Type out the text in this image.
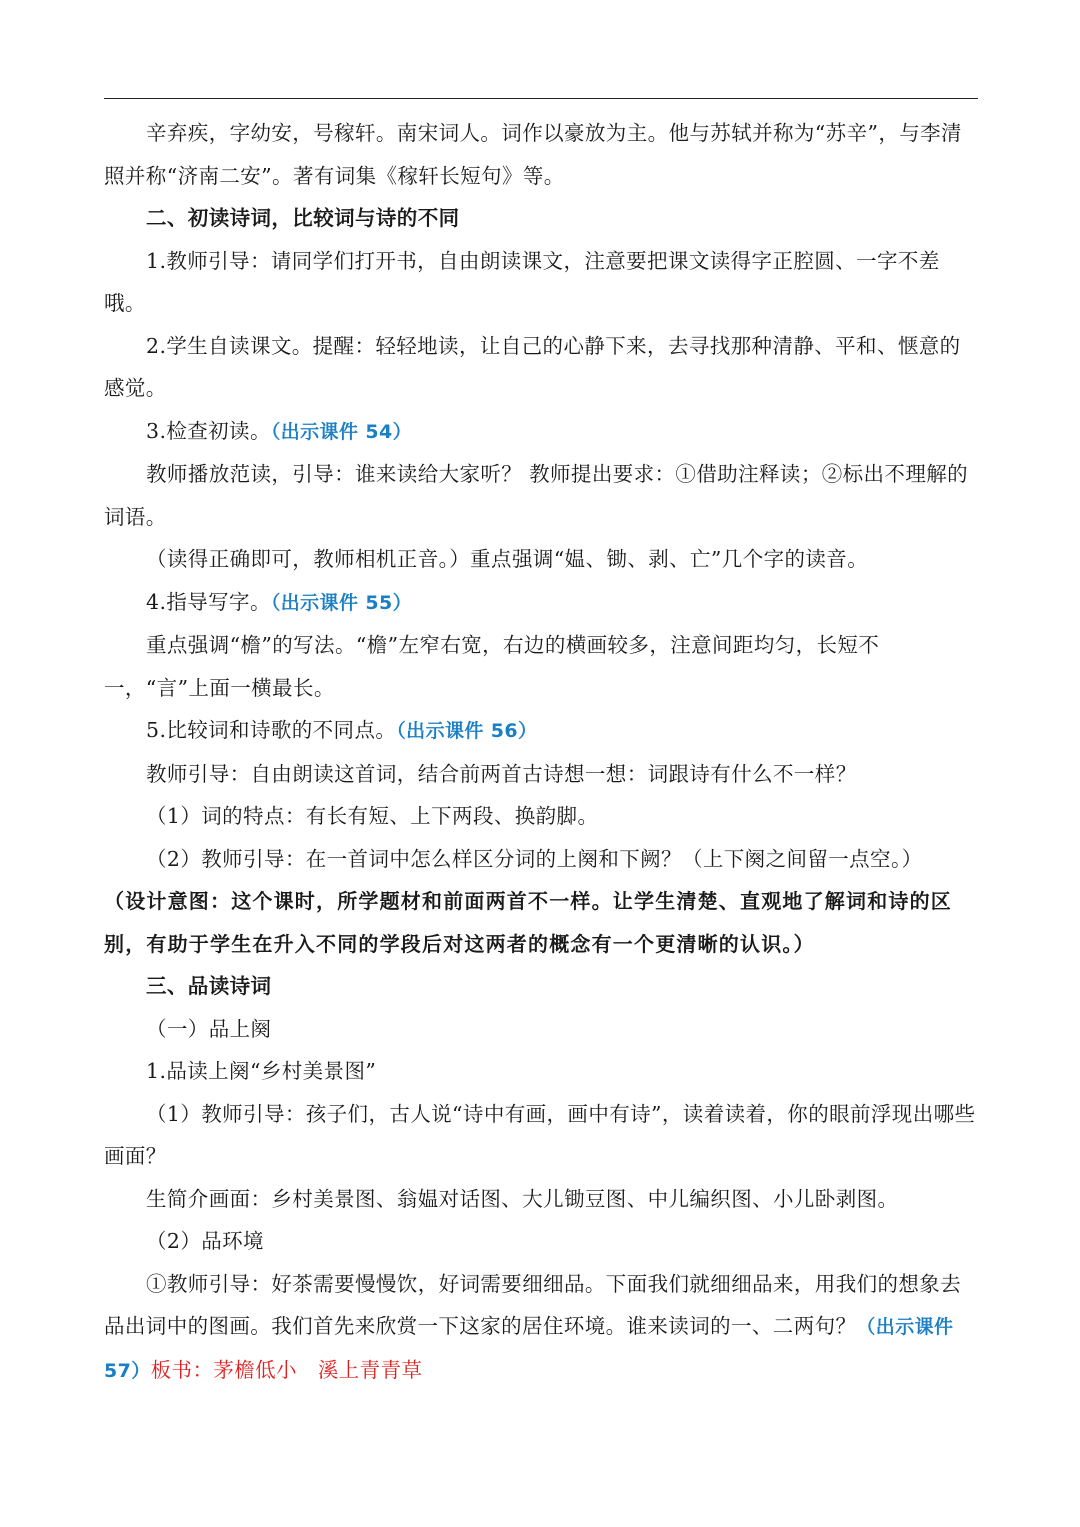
辛弃疾，字幼安，号稼轩。南宋词人。词作以豪放为主。他与苏轼并称为“苏辛”，与李清照并称“济南二安”。著有词集《稼轩长短句》等。

二、初读诗词，比较词与诗的不同

1.教师引导：请同学们打开书，自由朗读课文，注意要把课文读得字正腔圆、一字不差哦。

2.学生自读课文。提醒：轻轻地读，让自己的心静下来，去寻找那种清静、平和、惬意的感觉。

3.检查初读。（出示课件 54）

教师播放范读，引导：谁来读给大家听？ 教师提出要求：①借助注释读；②标出不理解的词语。

（读得正确即可，教师相机正音。）重点强调“媪、锄、剥、亡”几个字的读音。

4.指导写字。（出示课件 55）

重点强调“檐”的写法。“檐”左窄右宽，右边的横画较多，注意间距均匀，长短不一，“言”上面一横最长。

5.比较词和诗歌的不同点。（出示课件 56）

教师引导：自由朗读这首词，结合前两首古诗想一想：词跟诗有什么不一样？

（1）词的特点：有长有短、上下两段、换韵脚。

（2）教师引导：在一首词中怎么样区分词的上阕和下阙？（上下阕之间留一点空。）

（设计意图：这个课时，所学题材和前面两首不一样。让学生清楚、直观地了解词和诗的区别，有助于学生在升入不同的学段后对这两者的概念有一个更清晰的认识。）

三、品读诗词

（一）品上阕

1.品读上阕“乡村美景图”

（1）教师引导：孩子们，古人说“诗中有画，画中有诗”，读着读着，你的眼前浮现出哪些画面？

生简介画面：乡村美景图、翁媪对话图、大儿锄豆图、中儿编织图、小儿卧剥图。

（2）品环境

①教师引导：好茶需要慢慢饮，好词需要细细品。下面我们就细细品来，用我们的想象去品出词中的图画。我们首先来欣赏一下这家的居住环境。谁来读词的一、二两句？（出示课件 57）板书：茅檐低小　溪上青青草
